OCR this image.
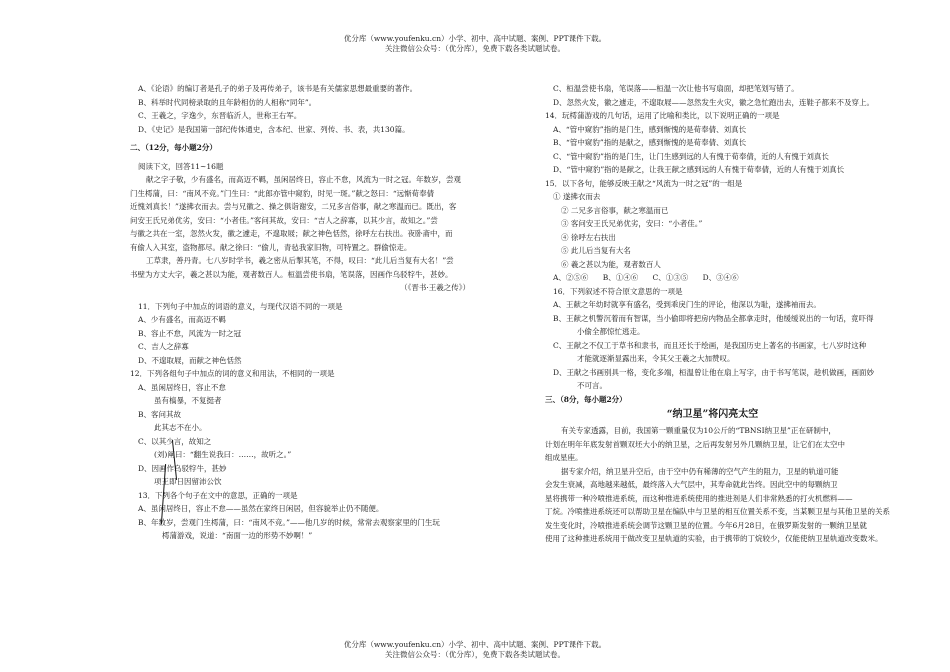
优分库（www.youfenku.cn）小学、初中、高中试题、案例、PPT课件下载。
关注微信公众号：（优分库），免费下载各类试题试卷。

A、《论语》的编订者是孔子的弟子及再传弟子，该书是有关儒家思想最重要的著作。

B、科举时代同榜录取的且年龄相仿的人相称“同年”。

C、王羲之，字逸少，东晋临沂人，世称王右军。

D、《史记》是我国第一部纪传体通史，含本纪、世家、列传、书、表，共130篇。

二、（12分，每小题2分）

阅读下文，回答11~16题

献之字子敬，少有盛名，而高迈不羁，虽闲居终日，容止不怠，风流为一时之冠。年数岁，尝观

门生樗蒲，曰：“南风不竞。”门生曰：“此郎亦管中窥豹，时见一斑。”献之怒曰：“远惭荀奉倩

近愧刘真长！”遂拂衣而去。尝与兄徽之、操之俱诣谢安，二兄多言俗事，献之寒温而已。既出，客

问安王氏兄弟优劣，安曰：“小者佳。”客问其故，安曰：“吉人之辞寡，以其少言，故知之。”尝

与徽之共在一室，忽然火发，徽之遽走，不遑取屐；献之神色恬然，徐呼左右扶出。夜卧斋中，而

有偷人入其室，盗物都尽。献之徐曰：“偷儿，青毡我家旧物，可特置之。群偷惊走。

工草隶，善丹青。七八岁时学书，羲之密从后掣其笔，不得，叹曰：“此儿后当复有大名！”尝

书壁为方丈大字，羲之甚以为能，观者数百人。桓温尝使书扇，笔误落，因画作乌驳牸牛，甚妙。

（《晋书·王羲之传》）

11．下列句子中加点的词语的意义，与现代汉语不同的一项是

A、少有盛名，而高迈不羁

B、容止不怠，风流为一时之冠

C、吉人之辞寡

D、不遑取屐，而献之神色恬然

12．下列各组句子中加点的词的意义和用法，不相同的一项是

A、虽闲居终日，容止不怠

虽有槁暴，不复挺者

B、客问其故

此其志不在小。

C、以其少言，故知之

(刘)阐曰：“翻生说我曰：……，故听之。”

D、因画作乌驳牸牛，甚妙

项王即日因留沛公饮

13．下列各个句子在文中的意思，正确的一项是

A、虽闲居终日，容止不怠——虽然在家终日闲居，但容貌举止仍不随便。

B、年数岁，尝观门生樗蒲，曰：“南风不竞。”——他几岁的时候，常常去观察家里的门生玩

樗蒲游戏，说道：“南面一边的形势不妙啊！”

C、桓温尝使书扇，笔误落——桓温一次让他书写扇面，却把笔划写错了。

D、忽然火发，徽之遽走，不遑取屐——忽然发生火灾，徽之急忙跑出去，连鞋子都来不及穿上。

14．玩樗蒲游戏的几句话，运用了比喻和类比，以下说明正确的一项是

A、“管中窥豹”指的是门生，感到惭愧的是荀奉倩、刘真长

B、“管中窥豹”指的是献之，感到惭愧的是荀奉倩、刘真长

C、“管中窥豹”指的是门生，让门生感到远的人有愧于荀奉倩，近的人有愧于刘真长

D、“管中窥豹”指的是献之，让我王献之感到远的人有愧于荀奉倩，近的人有愧于刘真长

15．以下各句，能够反映王献之“风流为一时之冠”的一组是

① 遂拂衣而去

② 二兄多言俗事，献之寒温而已

③ 客问安王氏兄弟优劣，安曰：“小者佳。”

④ 徐呼左右扶出

⑤ 此儿后当复有大名

⑥ 羲之甚以为能，观者数百人

A、②⑤⑥      B、①④⑥      C、①③⑤      D、③④⑥

16．下列叙述不符合原文意思的一项是

A、王献之年幼时就享有盛名，受到乖戾门生的评论，他深以为耻，遂拂袖而去。

B、王献之机警沉着而有智谋，当小偷即将把房内物品全都拿走时，他缓缓说出的一句话，竟吓得

小偷全都惊忙逃走。

C、王献之不仅工于草书和隶书，而且还长于绘画，是我国历史上著名的书画家，七八岁时这种

才能就逐渐显露出来，令其父王羲之大加赞叹。

D、王献之书画别具一格，变化多端，桓温曾让他在扇上写字，由于书写笔误，趁机做画，画面妙

不可言。

三、（8分，每小题2分）

“纳卫星”将闪亮太空

有关专家透露，目前，我国第一颗重量仅为10公斤的“TBNSI纳卫星”正在研制中，

计划在明年年底发射首颗双坯大小的纳卫星，之后再发射另外几颗纳卫星，让它们在太空中

组成星座。

据专家介绍，纳卫星升空后，由于空中仍有稀薄的空气产生的阻力，卫星的轨道可能

会发生衰减，高地越来越低，最终落入大气层中，其寿命就此告终。因此空中的每颗纳卫

星将携带一种冷喷推进系统，而这种推进系统使用的推进剂是人们非常熟悉的打火机燃料——

丁烷。冷喷推进系统还可以帮助卫星在编队中与卫星的相互位置关系不变，当某颗卫星与其他卫星的关系

发生变化时，冷喷推进系统会调节这颗卫星的位置。今年6月28日，在俄罗斯发射的一颗纳卫星就

使用了这种推进系统用于做改变卫星轨道的实验，由于携带的丁烷较少，仅能使纳卫星轨道改变数米。

优分库（www.youfenku.cn）小学、初中、高中试题、案例、PPT课件下载。
关注微信公众号：（优分库），免费下载各类试题试卷。
